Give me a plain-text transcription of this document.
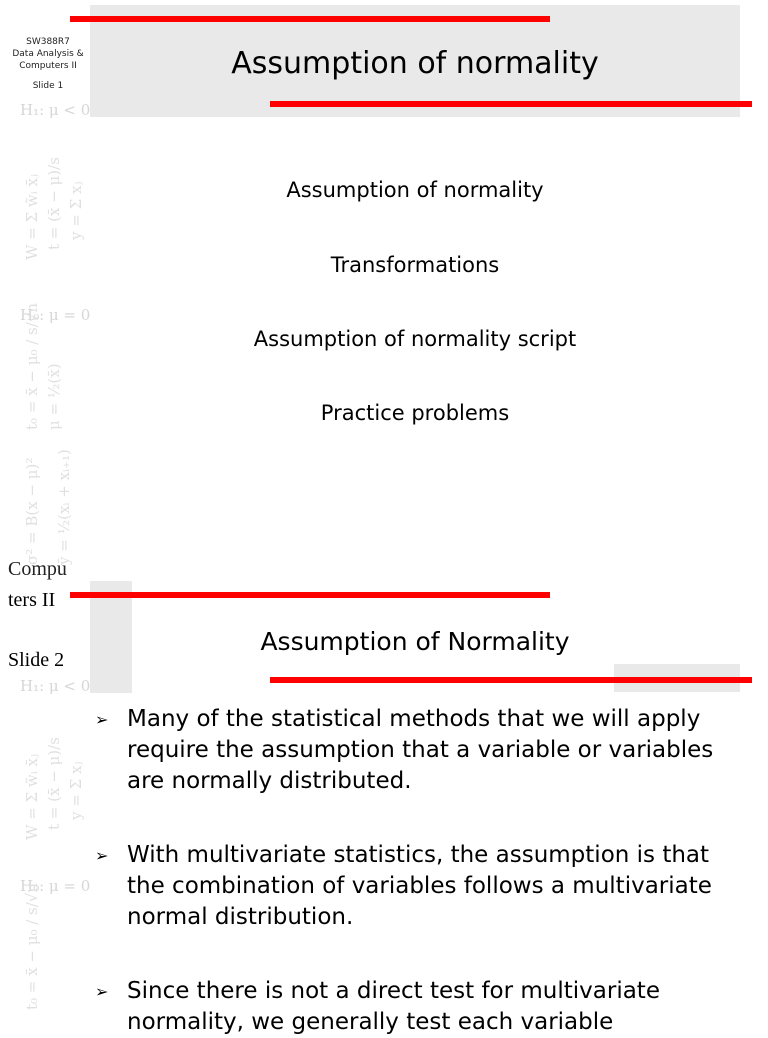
H₁: μ < 0
W = Σ w̃ᵢ x̄ⱼ t = (x̄ − μ)/s y = Σ xⱼ
H₀: μ = 0
t₀ = x̄ − μ₀ / s/√n μ = ½(x̄)
σ² = B(x − μ)² ȳ = ½(xᵢ + xᵢ₊₁)
SW388R7
Data Analysis &
Computers II
Slide 1
Assumption of normality
Assumption of normality
Transformations
Assumption of normality script
Practice problems
H₁: μ < 0
W = Σ w̃ᵢ x̄ⱼ t = (x̄ − μ)/s y = Σ xⱼ
H₀: μ = 0
t₀ = x̄ − μ₀ / s/√n
Compu
ters II
Slide 2
Assumption of Normality
➢ Many of the statistical methods that we will apply require the assumption that a variable or variables are normally distributed.
➢ With multivariate statistics, the assumption is that the combination of variables follows a multivariate normal distribution.
➢ Since there is not a direct test for multivariate normality, we generally test each variable
